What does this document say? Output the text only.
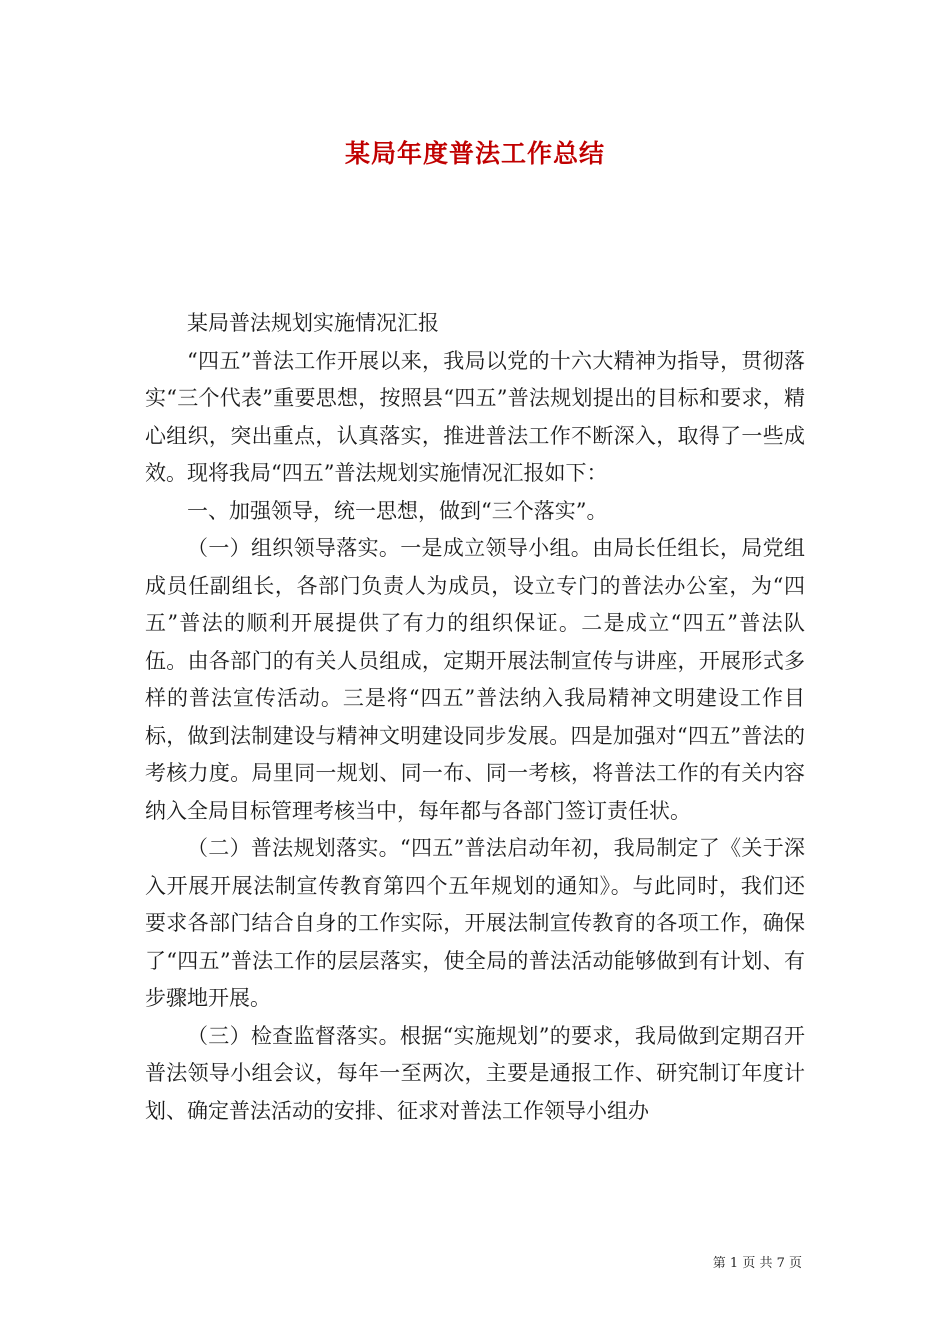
某局年度普法工作总结

某局普法规划实施情况汇报

“四五”普法工作开展以来，我局以党的十六大精神为指导，贯彻落实“三个代表”重要思想，按照县“四五”普法规划提出的目标和要求，精心组织，突出重点，认真落实，推进普法工作不断深入，取得了一些成效。现将我局“四五”普法规划实施情况汇报如下：

一、加强领导，统一思想，做到“三个落实”。

（一）组织领导落实。一是成立领导小组。由局长任组长，局党组成员任副组长，各部门负责人为成员，设立专门的普法办公室，为“四五”普法的顺利开展提供了有力的组织保证。二是成立“四五”普法队伍。由各部门的有关人员组成，定期开展法制宣传与讲座，开展形式多样的普法宣传活动。三是将“四五”普法纳入我局精神文明建设工作目标，做到法制建设与精神文明建设同步发展。四是加强对“四五”普法的考核力度。局里同一规划、同一布、同一考核，将普法工作的有关内容纳入全局目标管理考核当中，每年都与各部门签订责任状。

（二）普法规划落实。“四五”普法启动年初，我局制定了《关于深入开展开展法制宣传教育第四个五年规划的通知》。与此同时，我们还要求各部门结合自身的工作实际，开展法制宣传教育的各项工作，确保了“四五”普法工作的层层落实，使全局的普法活动能够做到有计划、有步骤地开展。

（三）检查监督落实。根据“实施规划”的要求，我局做到定期召开普法领导小组会议，每年一至两次，主要是通报工作、研究制订年度计划、确定普法活动的安排、征求对普法工作领导小组办

第 1 页 共 7 页
